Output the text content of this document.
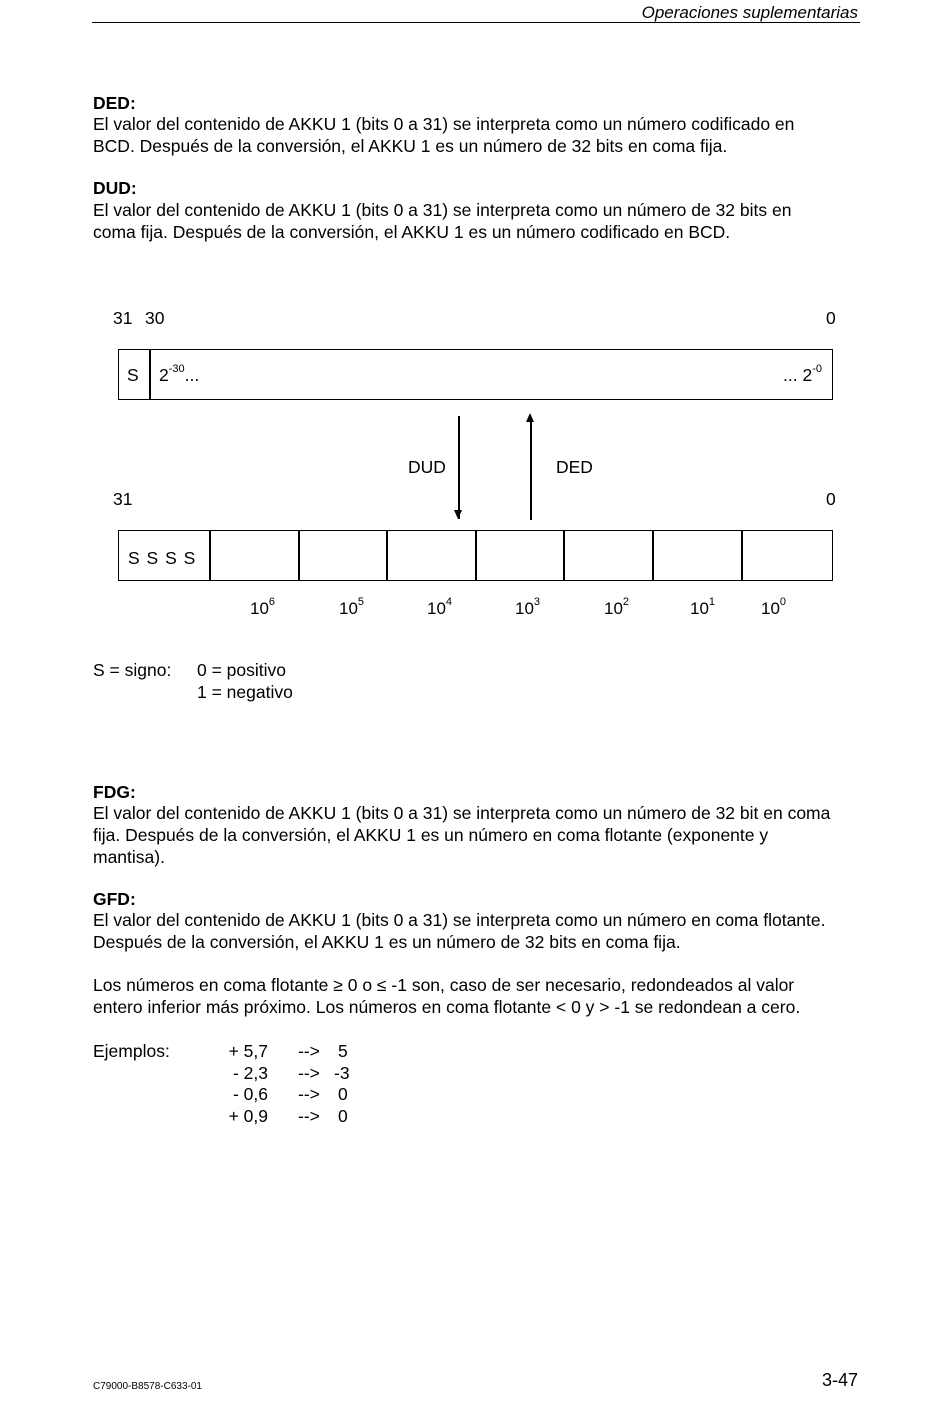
Operaciones suplementarias
DED:

El valor del contenido de AKKU 1 (bits 0 a 31) se interpreta como un número codificado en

BCD. Después de la conversión, el AKKU 1 es un número de 32 bits en coma fija.

DUD:

El valor del contenido de AKKU 1 (bits 0 a 31) se interpreta como un número de 32 bits en

coma fija. Después de la conversión, el AKKU 1 es un número codificado en BCD.

31 30	0
S $2^{-30}$...	... $2^{-0}$
DUD	DED
31	0
S S S S
$10^6$	$10^5$	$10^4$	$10^3$	$10^2$	$10^1$	$10^0$
S = signo: 0 = positivo
1 = negativo
FDG:

El valor del contenido de AKKU 1 (bits 0 a 31) se interpreta como un número de 32 bit en coma

fija. Después de la conversión, el AKKU 1 es un número en coma flotante (exponente y

mantisa).

GFD:

El valor del contenido de AKKU 1 (bits 0 a 31) se interpreta como un número en coma flotante.

Después de la conversión, el AKKU 1 es un número de 32 bits en coma fija.

Los números en coma flotante ≥ 0 o ≤ -1 son, caso de ser necesario, redondeados al valor

entero inferior más próximo. Los números en coma flotante < 0 y > -1 se redondean a cero.

Ejemplos:	+ 5,7 --> 5
- 2,3 --> -3
- 0,6 --> 0
+ 0,9 --> 0
C79000-B8578-C633-01	3-47
